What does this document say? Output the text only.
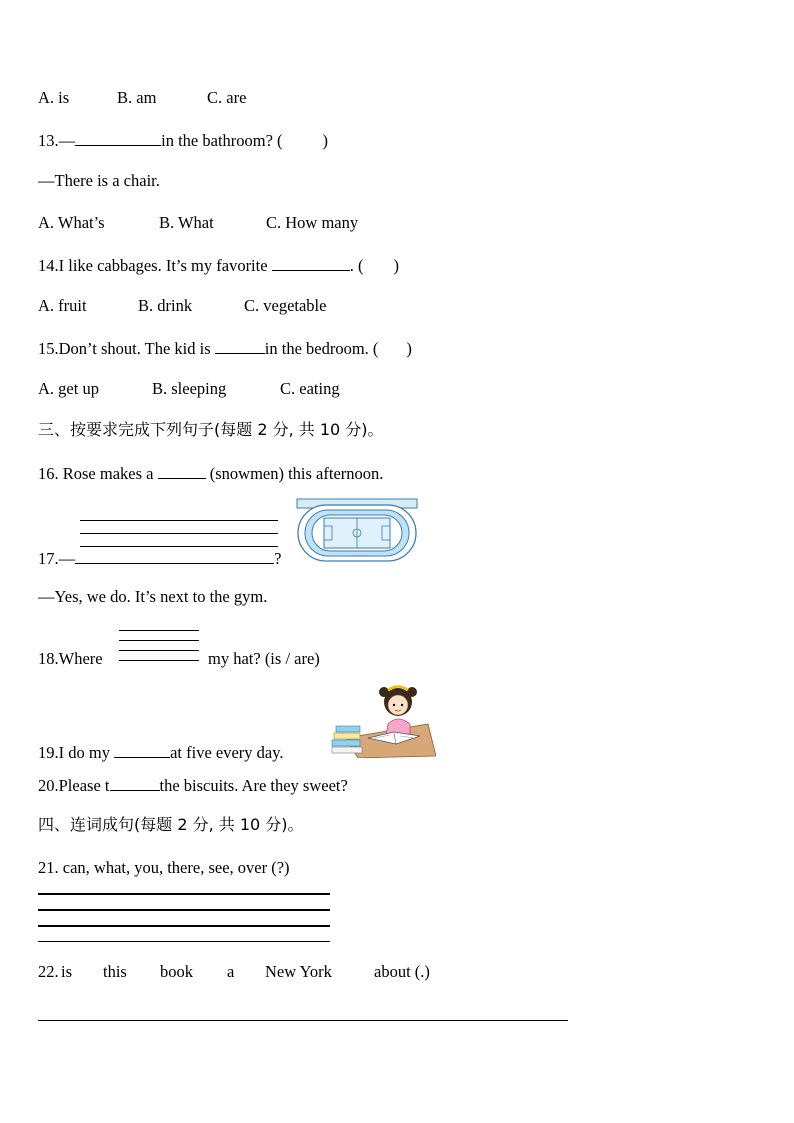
A. is	B. am	C. are
13.—	in the bathroom? ( )
—There is a chair.
A. What’s	B. What	C. How many
14.I like cabbages. It’s my favorite	. ( )
A. fruit	B. drink	C. vegetable
15.Don’t shout. The kid is	in the bedroom. ( )
A. get up	B. sleeping	C. eating
三、按要求完成下列句子(每题 2 分, 共 10 分)。
16. Rose makes a	(snowmen) this afternoon.
17.—	?
—Yes, we do. It’s next to the gym.
18.Where	my hat? (is / are)
19.I do my	at five every day.
20.Please t	the biscuits. Are they sweet?
四、连词成句(每题 2 分, 共 10 分)。
21. can, what, you, there, see, over (?)
22. is this book a New York	about (.)
